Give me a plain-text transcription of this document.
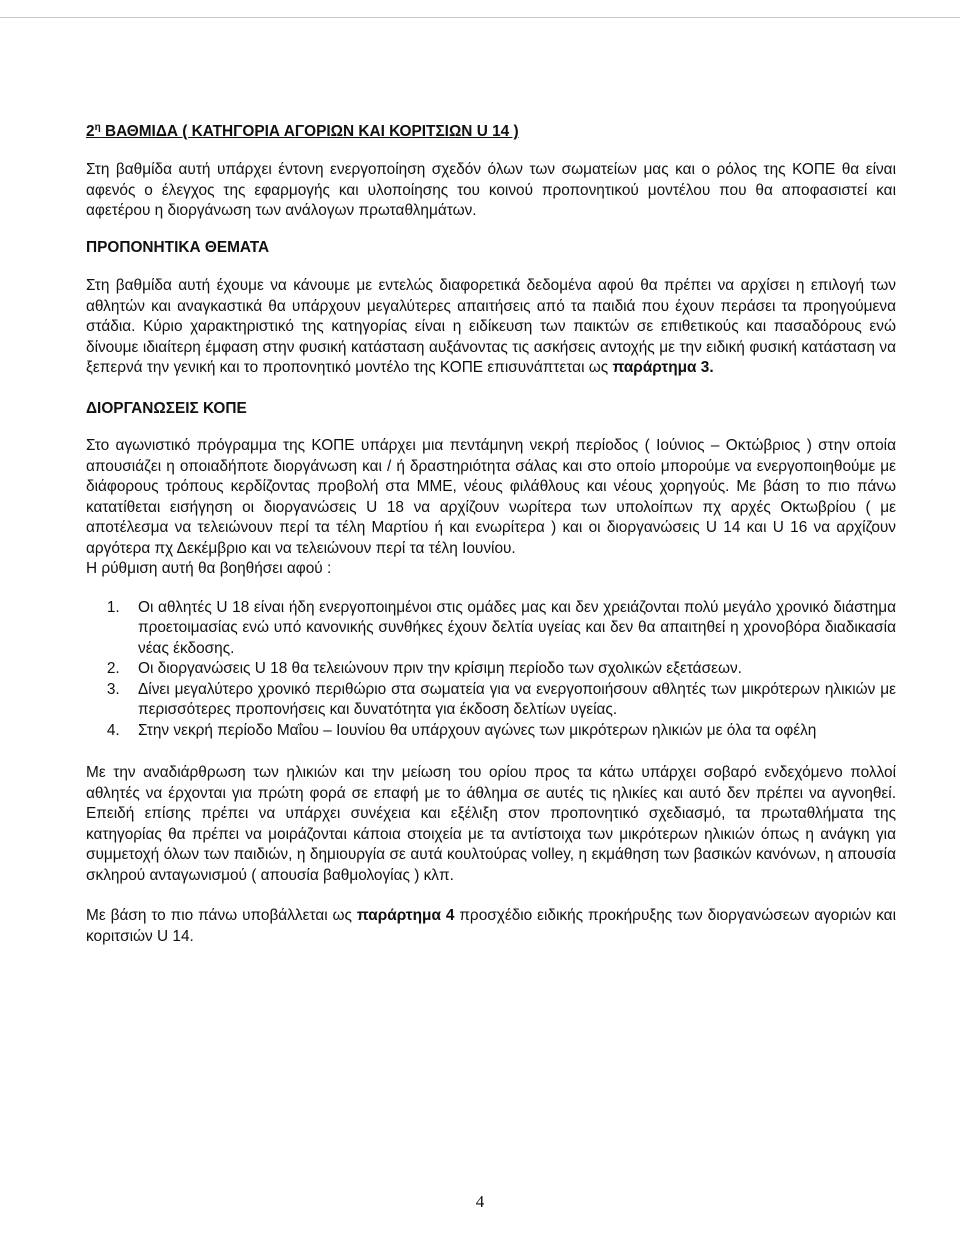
$2^\eta$ ΒΑΘΜΙΔΑ ( ΚΑΤΗΓΟΡΙΑ ΑΓΟΡΙΩΝ ΚΑΙ ΚΟΡΙΤΣΙΩΝ U 14 )

Στη βαθμίδα αυτή υπάρχει έντονη ενεργοποίηση σχεδόν όλων των σωματείων μας και ο ρόλος της ΚΟΠΕ θα είναι αφενός ο έλεγχος της εφαρμογής και υλοποίησης του κοινού προπονητικού μοντέλου που θα αποφασιστεί και αφετέρου η διοργάνωση των ανάλογων πρωταθλημάτων.

ΠΡΟΠΟΝΗΤΙΚΑ ΘΕΜΑΤΑ

Στη βαθμίδα αυτή έχουμε να κάνουμε με εντελώς διαφορετικά δεδομένα αφού θα πρέπει να αρχίσει η επιλογή των αθλητών και αναγκαστικά θα υπάρχουν μεγαλύτερες απαιτήσεις από τα παιδιά που έχουν περάσει τα προηγούμενα στάδια. Κύριο χαρακτηριστικό της κατηγορίας είναι η ειδίκευση των παικτών σε επιθετικούς και πασαδόρους ενώ δίνουμε ιδιαίτερη έμφαση στην φυσική κατάσταση αυξάνοντας τις ασκήσεις αντοχής με την ειδική φυσική κατάσταση να ξεπερνά την γενική και το προπονητικό μοντέλο της ΚΟΠΕ επισυνάπτεται ως παράρτημα 3.

ΔΙΟΡΓΑΝΩΣΕΙΣ ΚΟΠΕ

Στο αγωνιστικό πρόγραμμα της ΚΟΠΕ υπάρχει μια πεντάμηνη νεκρή περίοδος ( Ιούνιος – Οκτώβριος ) στην οποία απουσιάζει η οποιαδήποτε διοργάνωση και / ή δραστηριότητα σάλας και στο οποίο μπορούμε να ενεργοποιηθούμε με διάφορους τρόπους κερδίζοντας προβολή στα ΜΜΕ, νέους φιλάθλους και νέους χορηγούς. Με βάση το πιο πάνω κατατίθεται εισήγηση οι διοργανώσεις U 18 να αρχίζουν νωρίτερα των υπολοίπων πχ αρχές Οκτωβρίου ( με αποτέλεσμα να τελειώνουν περί τα τέλη Μαρτίου ή και ενωρίτερα ) και οι διοργανώσεις U 14 και U 16 να αρχίζουν αργότερα πχ Δεκέμβριο και να τελειώνουν περί τα τέλη Ιουνίου.

Η ρύθμιση αυτή θα βοηθήσει αφού :

1. Οι αθλητές U 18 είναι ήδη ενεργοποιημένοι στις ομάδες μας και δεν χρειάζονται πολύ μεγάλο χρονικό διάστημα προετοιμασίας ενώ υπό κανονικής συνθήκες έχουν δελτία υγείας και δεν θα απαιτηθεί η χρονοβόρα διαδικασία νέας έκδοσης.
2. Οι διοργανώσεις U 18 θα τελειώνουν πριν την κρίσιμη περίοδο των σχολικών εξετάσεων.
3. Δίνει μεγαλύτερο χρονικό περιθώριο στα σωματεία για να ενεργοποιήσουν αθλητές των μικρότερων ηλικιών με περισσότερες προπονήσεις και δυνατότητα για έκδοση δελτίων υγείας.
4. Στην νεκρή περίοδο Μαΐου – Ιουνίου θα υπάρχουν αγώνες των μικρότερων ηλικιών με όλα τα οφέλη

Με την αναδιάρθρωση των ηλικιών και την μείωση του ορίου προς τα κάτω υπάρχει σοβαρό ενδεχόμενο πολλοί αθλητές να έρχονται για πρώτη φορά σε επαφή με το άθλημα σε αυτές τις ηλικίες και αυτό δεν πρέπει να αγνοηθεί. Επειδή επίσης πρέπει να υπάρχει συνέχεια και εξέλιξη στον προπονητικό σχεδιασμό, τα πρωταθλήματα της κατηγορίας θα πρέπει να μοιράζονται κάποια στοιχεία με τα αντίστοιχα των μικρότερων ηλικιών όπως η ανάγκη για συμμετοχή όλων των παιδιών, η δημιουργία σε αυτά κουλτούρας volley, η εκμάθηση των βασικών κανόνων, η απουσία σκληρού ανταγωνισμού ( απουσία βαθμολογίας ) κλπ.

Με βάση το πιο πάνω υποβάλλεται ως παράρτημα 4 προσχέδιο ειδικής προκήρυξης των διοργανώσεων αγοριών και κοριτσιών U 14.

4
